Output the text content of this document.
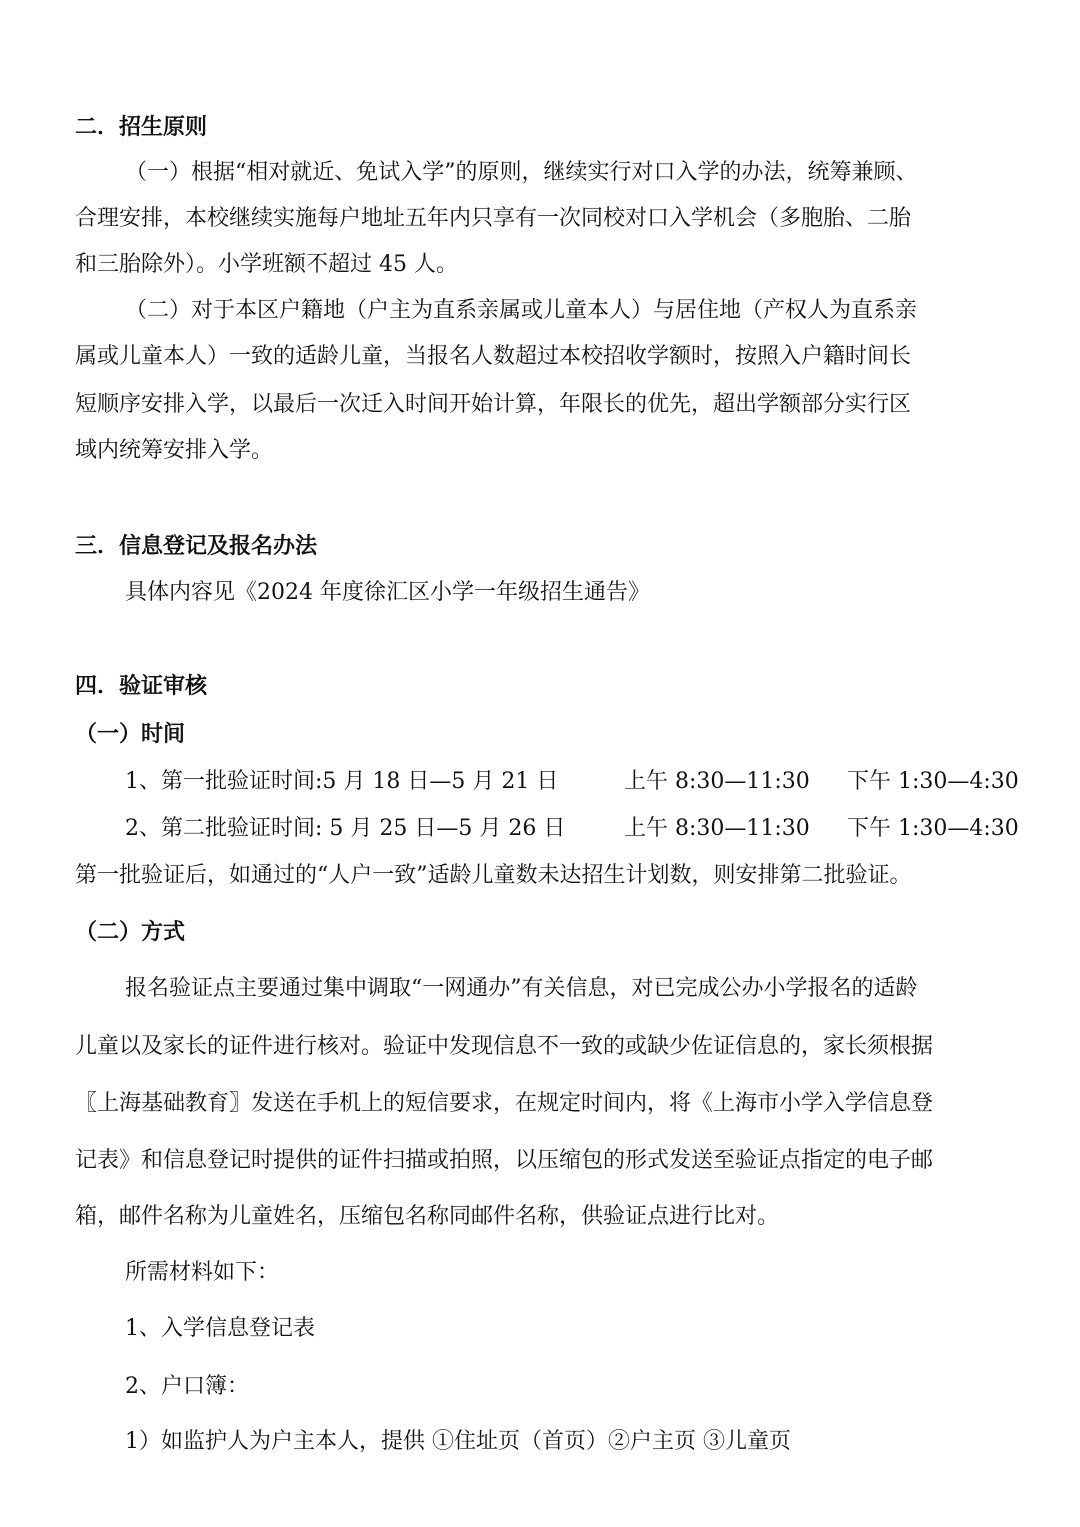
二．招生原则
（一）根据“相对就近、免试入学”的原则，继续实行对口入学的办法，统筹兼顾、
合理安排，本校继续实施每户地址五年内只享有一次同校对口入学机会（多胞胎、二胎
和三胎除外）。小学班额不超过 45 人。
（二）对于本区户籍地（户主为直系亲属或儿童本人）与居住地（产权人为直系亲
属或儿童本人）一致的适龄儿童，当报名人数超过本校招收学额时，按照入户籍时间长
短顺序安排入学，以最后一次迁入时间开始计算，年限长的优先，超出学额部分实行区
域内统筹安排入学。
三．信息登记及报名办法
具体内容见《2024 年度徐汇区小学一年级招生通告》
四．验证审核
（一）时间
1、第一批验证时间:5 月 18 日—5 月 21 日	上午 8:30—11:30 下午 1:30—4:30
2、第二批验证时间: 5 月 25 日—5 月 26 日	上午 8:30—11:30 下午 1:30—4:30
第一批验证后，如通过的“人户一致”适龄儿童数未达招生计划数，则安排第二批验证。
（二）方式
报名验证点主要通过集中调取“一网通办”有关信息，对已完成公办小学报名的适龄
儿童以及家长的证件进行核对。验证中发现信息不一致的或缺少佐证信息的，家长须根据
〖上海基础教育〗发送在手机上的短信要求，在规定时间内，将《上海市小学入学信息登
记表》和信息登记时提供的证件扫描或拍照，以压缩包的形式发送至验证点指定的电子邮
箱，邮件名称为儿童姓名，压缩包名称同邮件名称，供验证点进行比对。
所需材料如下：
1、入学信息登记表
2、户口簿：
1）如监护人为户主本人，提供 ①住址页（首页）②户主页 ③儿童页
